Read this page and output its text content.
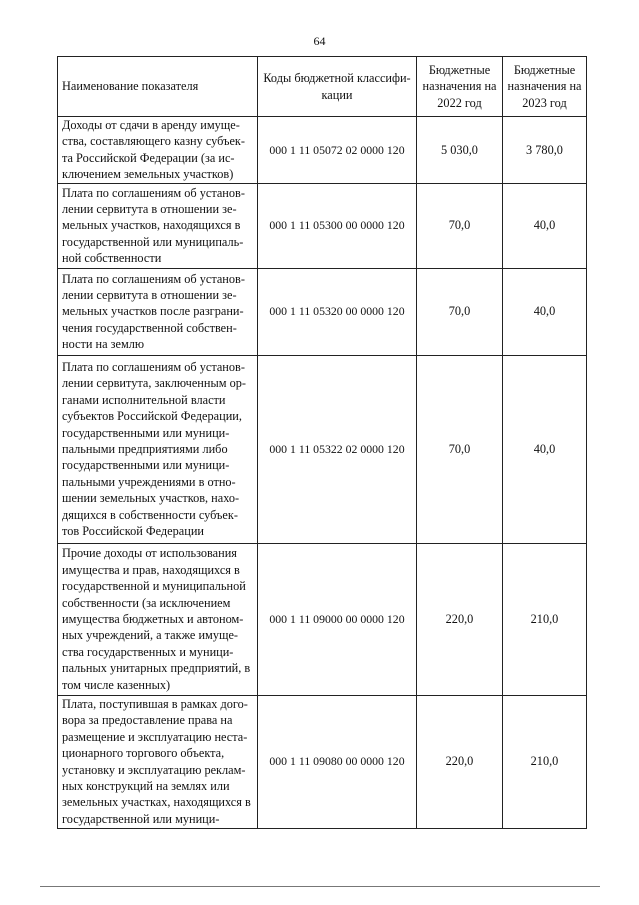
64
Наименование показателя	Коды бюджетной классифи-кации	Бюджетные назначения на 2022 год	Бюджетные назначения на 2023 год
Доходы от сдачи в аренду имуще-ства, составляющего казну субъек-та Российской Федерации (за ис-ключением земельных участков)	000 1 11 05072 02 0000 120	5 030,0	3 780,0
Плата по соглашениям об установ-лении сервитута в отношении зе-мельных участков, находящихся в государственной или муниципаль-ной собственности	000 1 11 05300 00 0000 120	70,0	40,0
Плата по соглашениям об установ-лении сервитута в отношении зе-мельных участков после разграни-чения государственной собствен-ности на землю	000 1 11 05320 00 0000 120	70,0	40,0
Плата по соглашениям об установ-лении сервитута, заключенным ор-ганами исполнительной власти субъектов Российской Федерации, государственными или муници-пальными предприятиями либо государственными или муници-пальными учреждениями в отно-шении земельных участков, нахо-дящихся в собственности субъек-тов Российской Федерации	000 1 11 05322 02 0000 120	70,0	40,0
Прочие доходы от использования имущества и прав, находящихся в государственной и муниципальной собственности (за исключением имущества бюджетных и автоном-ных учреждений, а также имуще-ства государственных и муници-пальных унитарных предприятий, в том числе казенных)	000 1 11 09000 00 0000 120	220,0	210,0
Плата, поступившая в рамках дого-вора за предоставление права на размещение и эксплуатацию неста-ционарного торгового объекта, установку и эксплуатацию реклам-ных конструкций на землях или земельных участках, находящихся в государственной или муници-	000 1 11 09080 00 0000 120	220,0	210,0
